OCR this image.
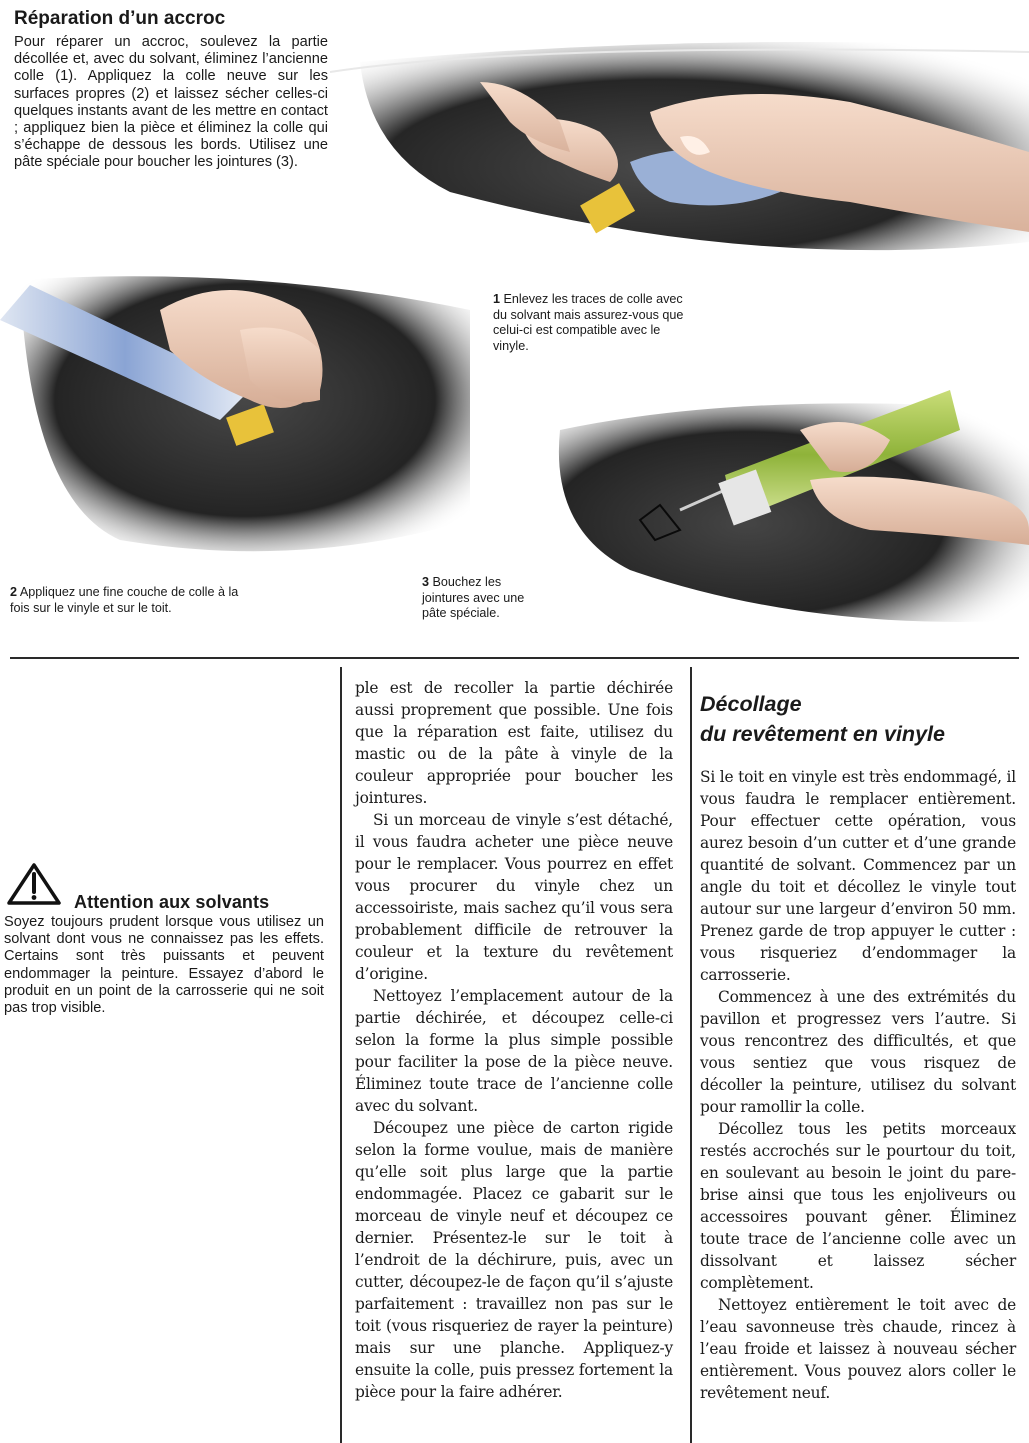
Réparation d’un accroc

Pour réparer un accroc, soulevez la partie décollée et, avec du solvant, éliminez l’ancienne colle (1). Appliquez la colle neuve sur les surfaces propres (2) et laissez sécher celles-ci quelques instants avant de les mettre en contact ; appliquez bien la pièce et éliminez la colle qui s’échappe de dessous les bords. Utilisez une pâte spéciale pour boucher les jointures (3).

1 Enlevez les traces de colle avec du solvant mais assurez-vous que celui-ci est compatible avec le vinyle.

2 Appliquez une fine couche de colle à la fois sur le vinyle et sur le toit.

3 Bouchez les jointures avec une pâte spéciale.

Attention aux solvants

Soyez toujours prudent lorsque vous utilisez un solvant dont vous ne connaissez pas les effets. Certains sont très puissants et peuvent endommager la peinture. Essayez d’abord le produit en un point de la carrosserie qui ne soit pas trop visible.

ple est de recoller la partie déchirée aussi proprement que possible. Une fois que la réparation est faite, utilisez du mastic ou de la pâte à vinyle de la couleur appropriée pour boucher les jointures.

Si un morceau de vinyle s’est détaché, il vous faudra acheter une pièce neuve pour le remplacer. Vous pourrez en effet vous procurer du vinyle chez un accessoiriste, mais sachez qu’il vous sera probablement difficile de retrouver la couleur et la texture du revêtement d’origine.

Nettoyez l’emplacement autour de la partie déchirée, et découpez celle-ci selon la forme la plus simple possible pour faciliter la pose de la pièce neuve. Éliminez toute trace de l’ancienne colle avec du solvant.

Découpez une pièce de carton rigide selon la forme voulue, mais de manière qu’elle soit plus large que la partie endommagée. Placez ce gabarit sur le morceau de vinyle neuf et découpez ce dernier. Présentez-le sur le toit à l’endroit de la déchirure, puis, avec un cutter, découpez-le de façon qu’il s’ajuste parfaitement : travaillez non pas sur le toit (vous risqueriez de rayer la peinture) mais sur une planche. Appliquez-y ensuite la colle, puis pressez fortement la pièce pour la faire adhérer.

Décollage
du revêtement en vinyle

Si le toit en vinyle est très endommagé, il vous faudra le remplacer entièrement. Pour effectuer cette opération, vous aurez besoin d’un cutter et d’une grande quantité de solvant. Commencez par un angle du toit et décollez le vinyle tout autour sur une largeur d’environ 50 mm. Prenez garde de trop appuyer le cutter : vous risqueriez d’endommager la carrosserie.

Commencez à une des extrémités du pavillon et progressez vers l’autre. Si vous rencontrez des difficultés, et que vous sentiez que vous risquez de décoller la peinture, utilisez du solvant pour ramollir la colle.

Décollez tous les petits morceaux restés accrochés sur le pourtour du toit, en soulevant au besoin le joint du pare-brise ainsi que tous les enjoliveurs ou accessoires pouvant gêner. Éliminez toute trace de l’ancienne colle avec un dissolvant et laissez sécher complètement.

Nettoyez entièrement le toit avec de l’eau savonneuse très chaude, rincez à l’eau froide et laissez à nouveau sécher entièrement. Vous pouvez alors coller le revêtement neuf.
